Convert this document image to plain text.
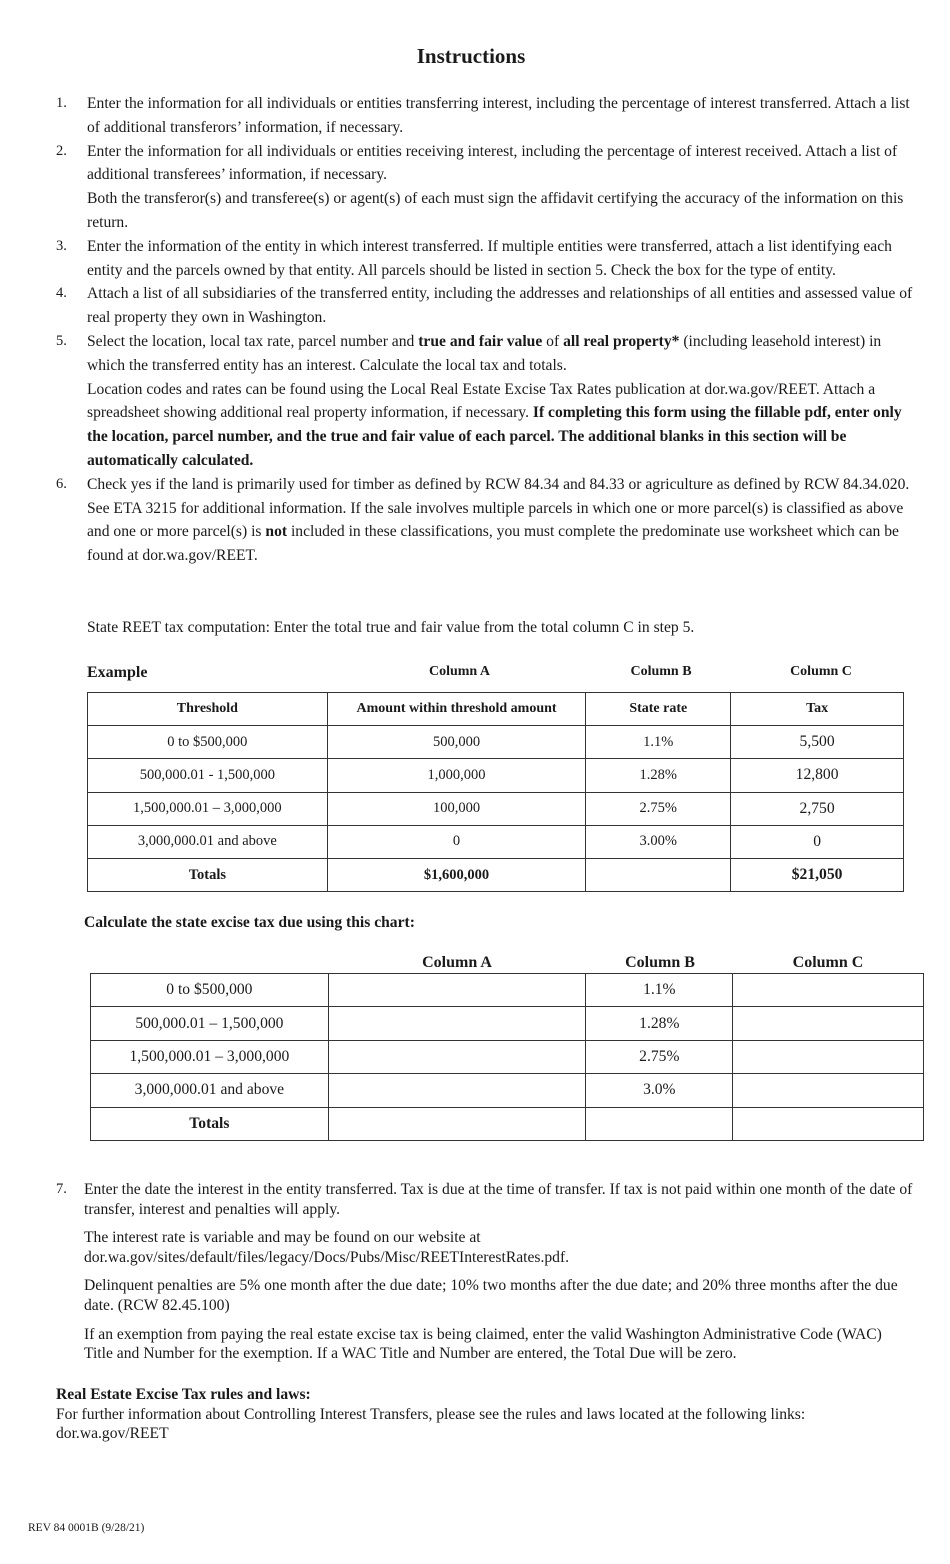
Instructions
1. Enter the information for all individuals or entities transferring interest, including the percentage of interest transferred. Attach a list of additional transferors’ information, if necessary.

2. Enter the information for all individuals or entities receiving interest, including the percentage of interest received. Attach a list of additional transferees’ information, if necessary.

Both the transferor(s) and transferee(s) or agent(s) of each must sign the affidavit certifying the accuracy of the information on this return.

3. Enter the information of the entity in which interest transferred. If multiple entities were transferred, attach a list identifying each entity and the parcels owned by that entity. All parcels should be listed in section 5. Check the box for the type of entity.

4. Attach a list of all subsidiaries of the transferred entity, including the addresses and relationships of all entities and assessed value of real property they own in Washington.

5. Select the location, local tax rate, parcel number and true and fair value of all real property* (including leasehold interest) in which the transferred entity has an interest. Calculate the local tax and totals.

Location codes and rates can be found using the Local Real Estate Excise Tax Rates publication at dor.wa.gov/REET. Attach a spreadsheet showing additional real property information, if necessary. If completing this form using the fillable pdf, enter only the location, parcel number, and the true and fair value of each parcel. The additional blanks in this section will be automatically calculated.

6. Check yes if the land is primarily used for timber as defined by RCW 84.34 and 84.33 or agriculture as defined by RCW 84.34.020. See ETA 3215 for additional information. If the sale involves multiple parcels in which one or more parcel(s) is classified as above and one or more parcel(s) is not included in these classifications, you must complete the predominate use worksheet which can be found at dor.wa.gov/REET.

State REET tax computation: Enter the total true and fair value from the total column C in step 5.
Example	Column A	Column B	Column C
Threshold	Amount within threshold amount	State rate	Tax
0 to $500,000	500,000	1.1%	5,500
500,000.01 - 1,500,000	1,000,000	1.28%	12,800
1,500,000.01 – 3,000,000	100,000	2.75%	2,750
3,000,000.01 and above	0	3.00%	0
Totals	$1,600,000		$21,050
Calculate the state excise tax due using this chart:
Column A	Column B	Column C
0 to $500,000		1.1%	
500,000.01 – 1,500,000		1.28%	
1,500,000.01 – 3,000,000		2.75%	
3,000,000.01 and above		3.0%	
Totals			
7. Enter the date the interest in the entity transferred. Tax is due at the time of transfer. If tax is not paid within one month of the date of transfer, interest and penalties will apply.

The interest rate is variable and may be found on our website at

dor.wa.gov/sites/default/files/legacy/Docs/Pubs/Misc/REETInterestRates.pdf.

Delinquent penalties are 5% one month after the due date; 10% two months after the due date; and 20% three months after the due date. (RCW 82.45.100)

If an exemption from paying the real estate excise tax is being claimed, enter the valid Washington Administrative Code (WAC) Title and Number for the exemption. If a WAC Title and Number are entered, the Total Due will be zero.

Real Estate Excise Tax rules and laws:
For further information about Controlling Interest Transfers, please see the rules and laws located at the following links:
dor.wa.gov/REET
REV 84 0001B (9/28/21)
